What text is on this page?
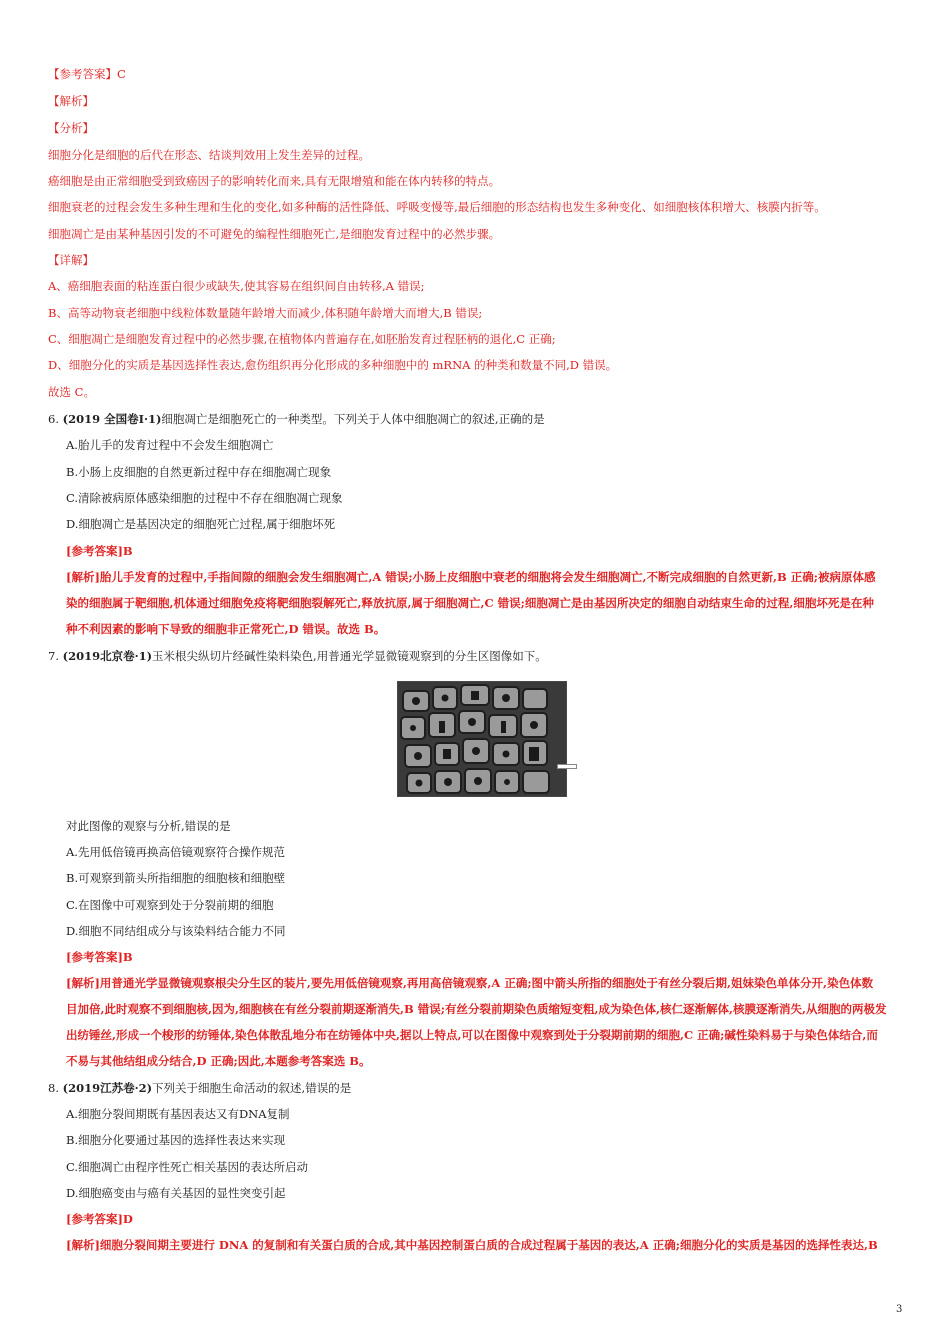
【参考答案】C
【解析】
【分析】
细胞分化是细胞的后代在形态、结谈判效用上发生差异的过程。
癌细胞是由正常细胞受到致癌因子的影响转化而来,具有无限增殖和能在体内转移的特点。
细胞衰老的过程会发生多种生理和生化的变化,如多种酶的活性降低、呼吸变慢等,最后细胞的形态结构也发生多种变化、如细胞核体积增大、核膜内折等。
细胞凋亡是由某种基因引发的不可避免的编程性细胞死亡,是细胞发育过程中的必然步骤。
【详解】
A、癌细胞表面的粘连蛋白很少或缺失,使其容易在组织间自由转移,A 错误;
B、高等动物衰老细胞中线粒体数量随年龄增大而减少,体积随年龄增大而增大,B 错误;
C、细胞凋亡是细胞发育过程中的必然步骤,在植物体内普遍存在,如胚胎发育过程胚柄的退化,C 正确;
D、细胞分化的实质是基因选择性表达,愈伤组织再分化形成的多种细胞中的 mRNA 的种类和数量不同,D 错误。
故选 C。
6. (2019 全国卷Ⅰ·1)细胞凋亡是细胞死亡的一种类型。下列关于人体中细胞凋亡的叙述,正确的是
A.胎儿手的发育过程中不会发生细胞凋亡
B.小肠上皮细胞的自然更新过程中存在细胞凋亡现象
C.清除被病原体感染细胞的过程中不存在细胞凋亡现象
D.细胞凋亡是基因决定的细胞死亡过程,属于细胞坏死
[参考答案]B
[解析]胎儿手发育的过程中,手指间隙的细胞会发生细胞凋亡,A 错误;小肠上皮细胞中衰老的细胞将会发生细胞凋亡,不断完成细胞的自然更新,B 正确;被病原体感
染的细胞属于靶细胞,机体通过细胞免疫将靶细胞裂解死亡,释放抗原,属于细胞凋亡,C 错误;细胞凋亡是由基因所决定的细胞自动结束生命的过程,细胞坏死是在种
种不利因素的影响下导致的细胞非正常死亡,D 错误。故选 B。
7. (2019北京卷·1)玉米根尖纵切片经碱性染料染色,用普通光学显微镜观察到的分生区图像如下。
对此图像的观察与分析,错误的是
A.先用低倍镜再换高倍镜观察符合操作规范
B.可观察到箭头所指细胞的细胞核和细胞壁
C.在图像中可观察到处于分裂前期的细胞
D.细胞不同结组成分与该染料结合能力不同
[参考答案]B
[解析]用普通光学显微镜观察根尖分生区的装片,要先用低倍镜观察,再用高倍镜观察,A 正确;图中箭头所指的细胞处于有丝分裂后期,姐妹染色单体分开,染色体数
目加倍,此时观察不到细胞核,因为,细胞核在有丝分裂前期逐渐消失,B 错误;有丝分裂前期染色质缩短变粗,成为染色体,核仁逐渐解体,核膜逐渐消失,从细胞的两极发
出纺锤丝,形成一个梭形的纺锤体,染色体散乱地分布在纺锤体中央,据以上特点,可以在图像中观察到处于分裂期前期的细胞,C 正确;碱性染料易于与染色体结合,而
不易与其他结组成分结合,D 正确;因此,本题参考答案选 B。
8. (2019江苏卷·2)下列关于细胞生命活动的叙述,错误的是
A.细胞分裂间期既有基因表达又有DNA复制
B.细胞分化要通过基因的选择性表达来实现
C.细胞凋亡由程序性死亡相关基因的表达所启动
D.细胞癌变由与癌有关基因的显性突变引起
[参考答案]D
[解析]细胞分裂间期主要进行 DNA 的复制和有关蛋白质的合成,其中基因控制蛋白质的合成过程属于基因的表达,A 正确;细胞分化的实质是基因的选择性表达,B
3
